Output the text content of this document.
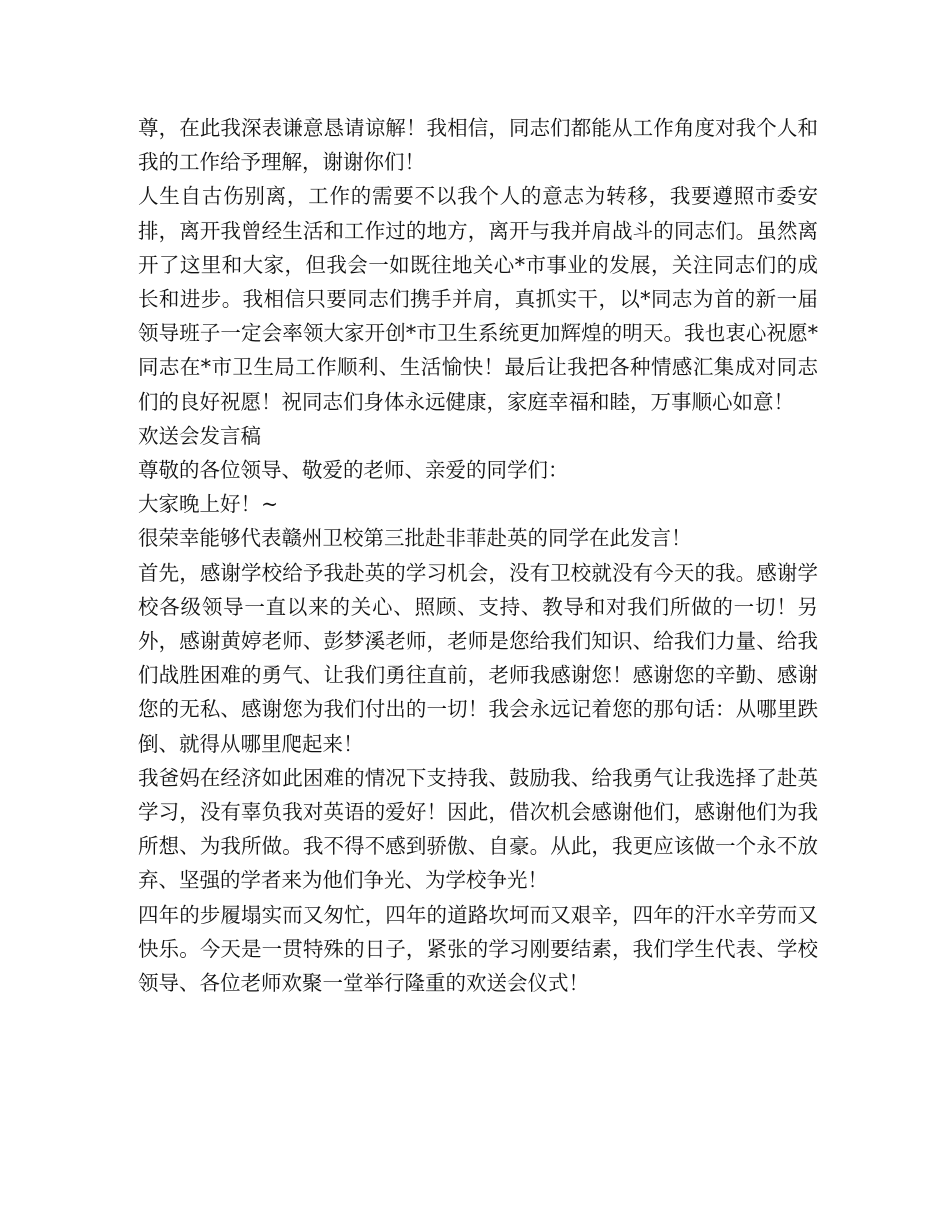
尊，在此我深表谦意恳请谅解！我相信，同志们都能从工作角度对我个人和我的工作给予理解，谢谢你们！

人生自古伤别离，工作的需要不以我个人的意志为转移，我要遵照市委安排，离开我曾经生活和工作过的地方，离开与我并肩战斗的同志们。虽然离开了这里和大家，但我会一如既往地关心*市事业的发展，关注同志们的成长和进步。我相信只要同志们携手并肩，真抓实干，以*同志为首的新一届领导班子一定会率领大家开创*市卫生系统更加辉煌的明天。我也衷心祝愿*同志在*市卫生局工作顺利、生活愉快！最后让我把各种情感汇集成对同志们的良好祝愿！祝同志们身体永远健康，家庭幸福和睦，万事顺心如意！

欢送会发言稿

尊敬的各位领导、敬爱的老师、亲爱的同学们：

大家晚上好！~

很荣幸能够代表赣州卫校第三批赴非菲赴英的同学在此发言！

首先，感谢学校给予我赴英的学习机会，没有卫校就没有今天的我。感谢学校各级领导一直以来的关心、照顾、支持、教导和对我们所做的一切！另外，感谢黄婷老师、彭梦溪老师，老师是您给我们知识、给我们力量、给我们战胜困难的勇气、让我们勇往直前，老师我感谢您！感谢您的辛勤、感谢您的无私、感谢您为我们付出的一切！我会永远记着您的那句话：从哪里跌倒、就得从哪里爬起来！

我爸妈在经济如此困难的情况下支持我、鼓励我、给我勇气让我选择了赴英学习，没有辜负我对英语的爱好！因此，借次机会感谢他们，感谢他们为我所想、为我所做。我不得不感到骄傲、自豪。从此，我更应该做一个永不放弃、坚强的学者来为他们争光、为学校争光！

四年的步履塌实而又匆忙，四年的道路坎坷而又艰辛，四年的汗水辛劳而又快乐。今天是一贯特殊的日子，紧张的学习刚要结素，我们学生代表、学校领导、各位老师欢聚一堂举行隆重的欢送会仪式！
